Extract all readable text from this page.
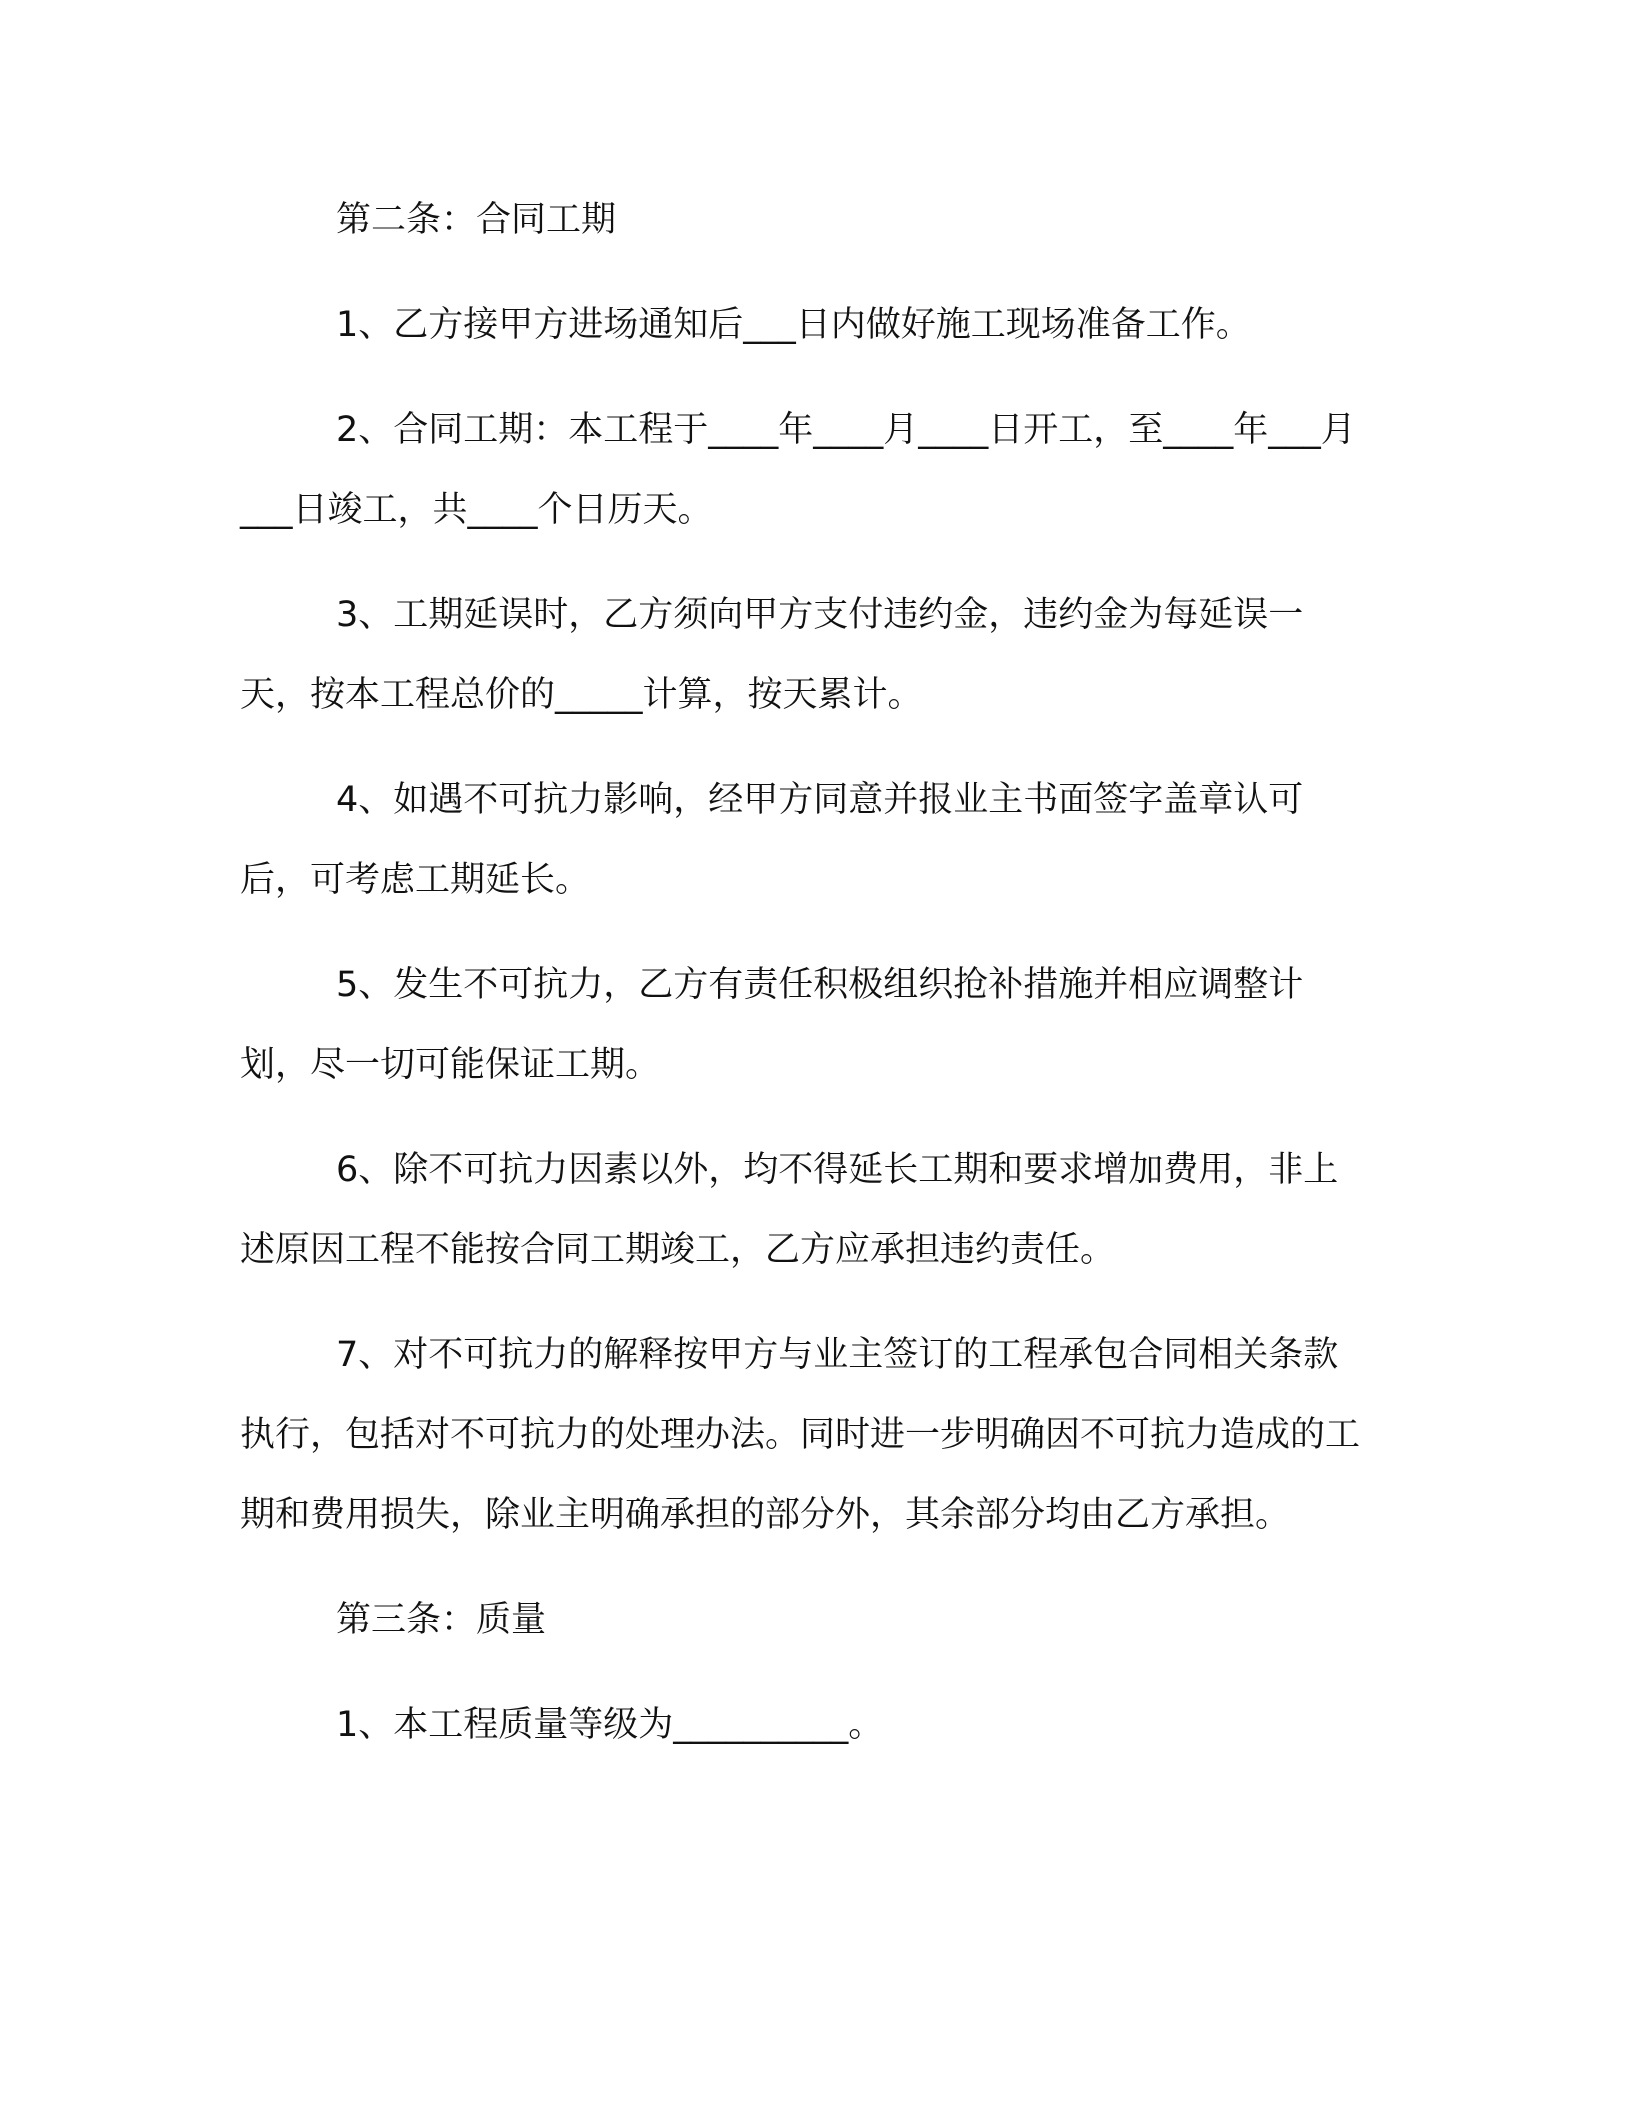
第二条：合同工期

1、乙方接甲方进场通知后___日内做好施工现场准备工作。

2、合同工期：本工程于____年____月____日开工，至____年___月___日竣工，共____个日历天。

3、工期延误时，乙方须向甲方支付违约金，违约金为每延误一天，按本工程总价的_____计算，按天累计。

4、如遇不可抗力影响，经甲方同意并报业主书面签字盖章认可后，可考虑工期延长。

5、发生不可抗力，乙方有责任积极组织抢补措施并相应调整计划，尽一切可能保证工期。

6、除不可抗力因素以外，均不得延长工期和要求增加费用，非上述原因工程不能按合同工期竣工，乙方应承担违约责任。

7、对不可抗力的解释按甲方与业主签订的工程承包合同相关条款执行，包括对不可抗力的处理办法。同时进一步明确因不可抗力造成的工期和费用损失，除业主明确承担的部分外，其余部分均由乙方承担。

第三条：质量

1、本工程质量等级为__________。
